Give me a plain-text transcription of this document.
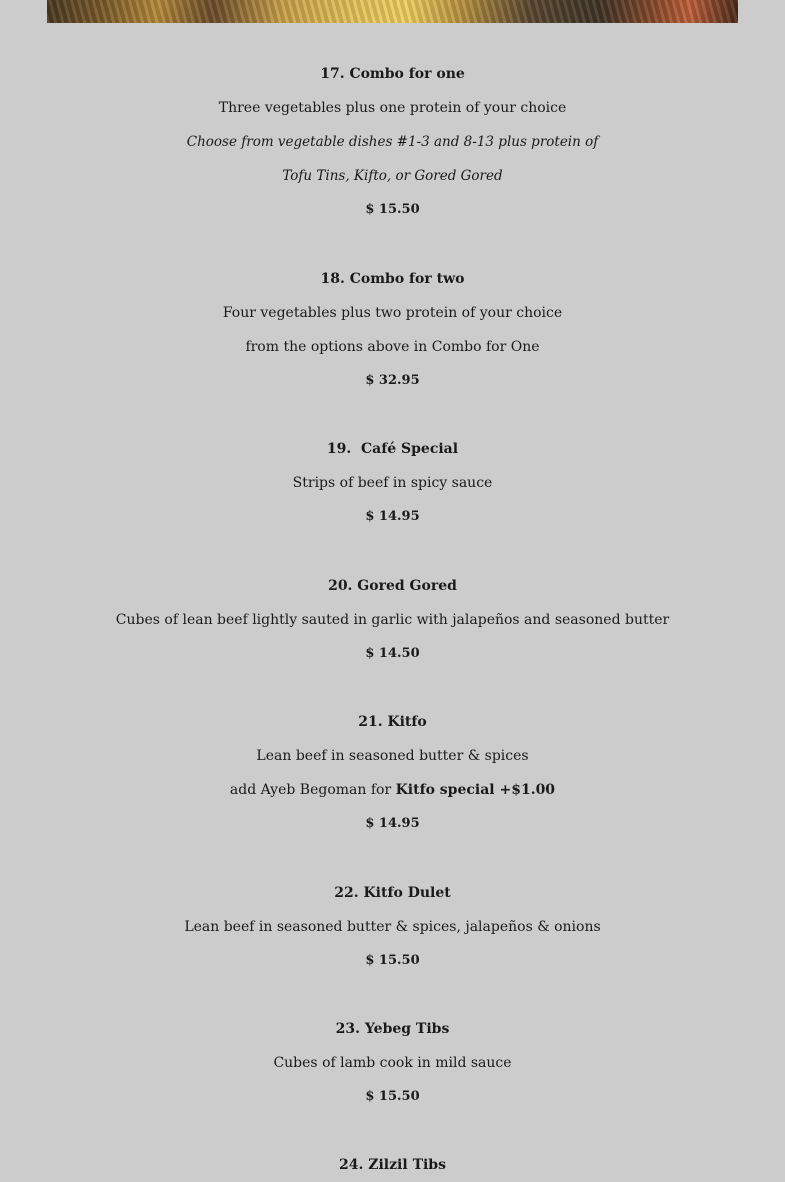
17. Combo for one
Three vegetables plus one protein of your choice
Choose from vegetable dishes #1-3 and 8-13 plus protein of
Tofu Tins, Kifto, or Gored Gored
$ 15.50
18. Combo for two
Four vegetables plus two protein of your choice
from the options above in Combo for One
$ 32.95
19.  Café Special
Strips of beef in spicy sauce
$ 14.95
20. Gored Gored
Cubes of lean beef lightly sauted in garlic with jalapeños and seasoned butter
$ 14.50
21. Kitfo
Lean beef in seasoned butter & spices
add Ayeb Begoman for Kitfo special +$1.00
$ 14.95
22. Kitfo Dulet
Lean beef in seasoned butter & spices, jalapeños & onions
$ 15.50
23. Yebeg Tibs
Cubes of lamb cook in mild sauce
$ 15.50
24. Zilzil Tibs
